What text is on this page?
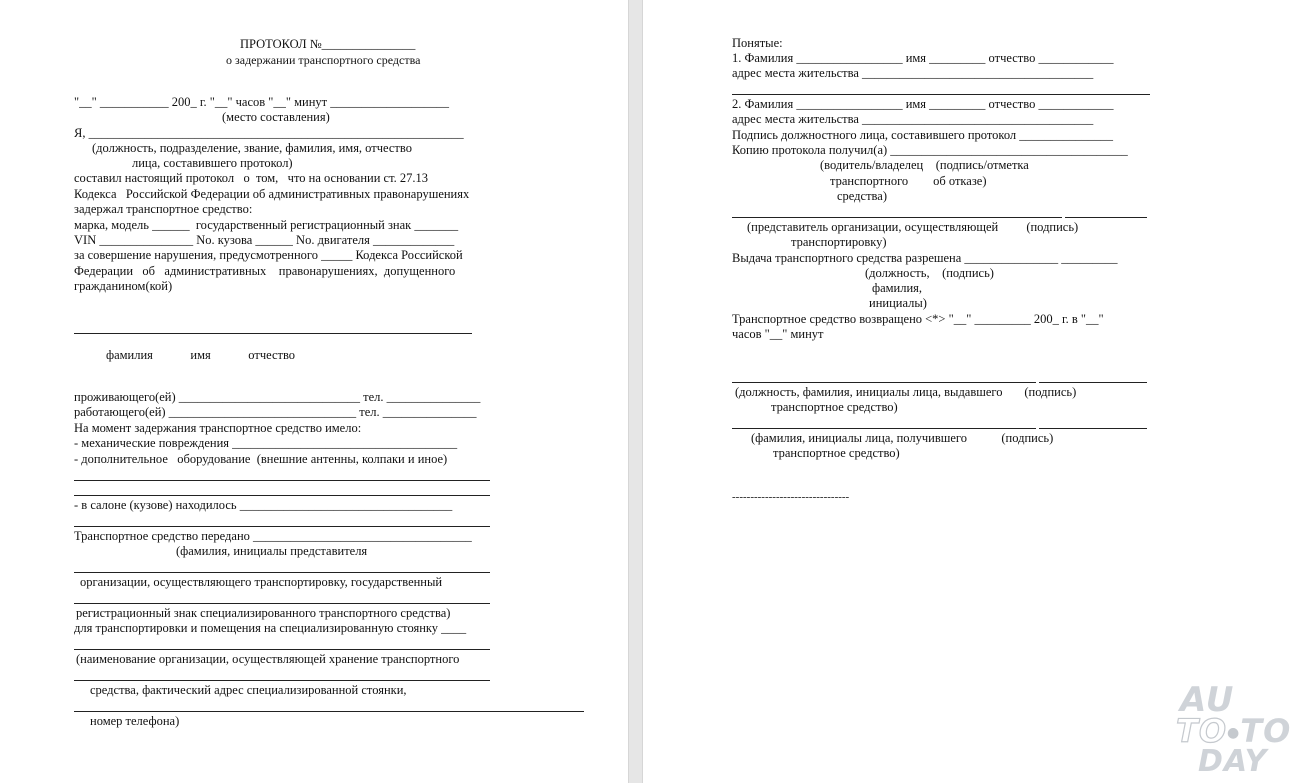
ПРОТОКОЛ №_______________
о задержании транспортного средства
"__" ___________ 200_ г. "__" часов "__" минут ___________________
(место составления)
Я, ____________________________________________________________
(должность, подразделение, звание, фамилия, имя, отчество
лица, составившего протокол)
составил настоящий протокол   о  том,   что на основании ст. 27.13
Кодекса   Российской Федерации об административных правонарушениях
задержал транспортное средство:
марка, модель ______  государственный регистрационный знак _______
VIN _______________ No. кузова ______ No. двигателя _____________
за совершение нарушения, предусмотренного _____ Кодекса Российской
Федерации   об   административных    правонарушениях,  допущенного
гражданином(кой)
фамилия            имя            отчество
проживающего(ей) _____________________________ тел. _______________
работающего(ей) ______________________________ тел. _______________
На момент задержания транспортное средство имело:
- механические повреждения ____________________________________
- дополнительное   оборудование  (внешние антенны, колпаки и иное)
- в салоне (кузове) находилось __________________________________
Транспортное средство передано ___________________________________
(фамилия, инициалы представителя
организации, осуществляющего транспортировку, государственный
регистрационный знак специализированного транспортного средства)
для транспортировки и помещения на специализированную стоянку ____
(наименование организации, осуществляющей хранение транспортного
средства, фактический адрес специализированной стоянки,
номер телефона)
Понятые:
1. Фамилия _________________ имя _________ отчество ____________
адрес места жительства _____________________________________
2. Фамилия _________________ имя _________ отчество ____________
адрес места жительства _____________________________________
Подпись должностного лица, составившего протокол _______________
Копию протокола получил(а) ______________________________________
(водитель/владелец    (подпись/отметка
транспортного        об отказе)
средства)
(представитель организации, осуществляющей         (подпись)
транспортировку)
Выдача транспортного средства разрешена _______________ _________
(должность,    (подпись)
фамилия,
инициалы)
Транспортное средство возвращено <*> "__" _________ 200_ г. в "__"
часов "__" минут
(должность, фамилия, инициалы лица, выдавшего       (подпись)
транспортное средство)
(фамилия, инициалы лица, получившего           (подпись)
транспортное средство)
--------------------------------
AU
TO●TO
DAY
